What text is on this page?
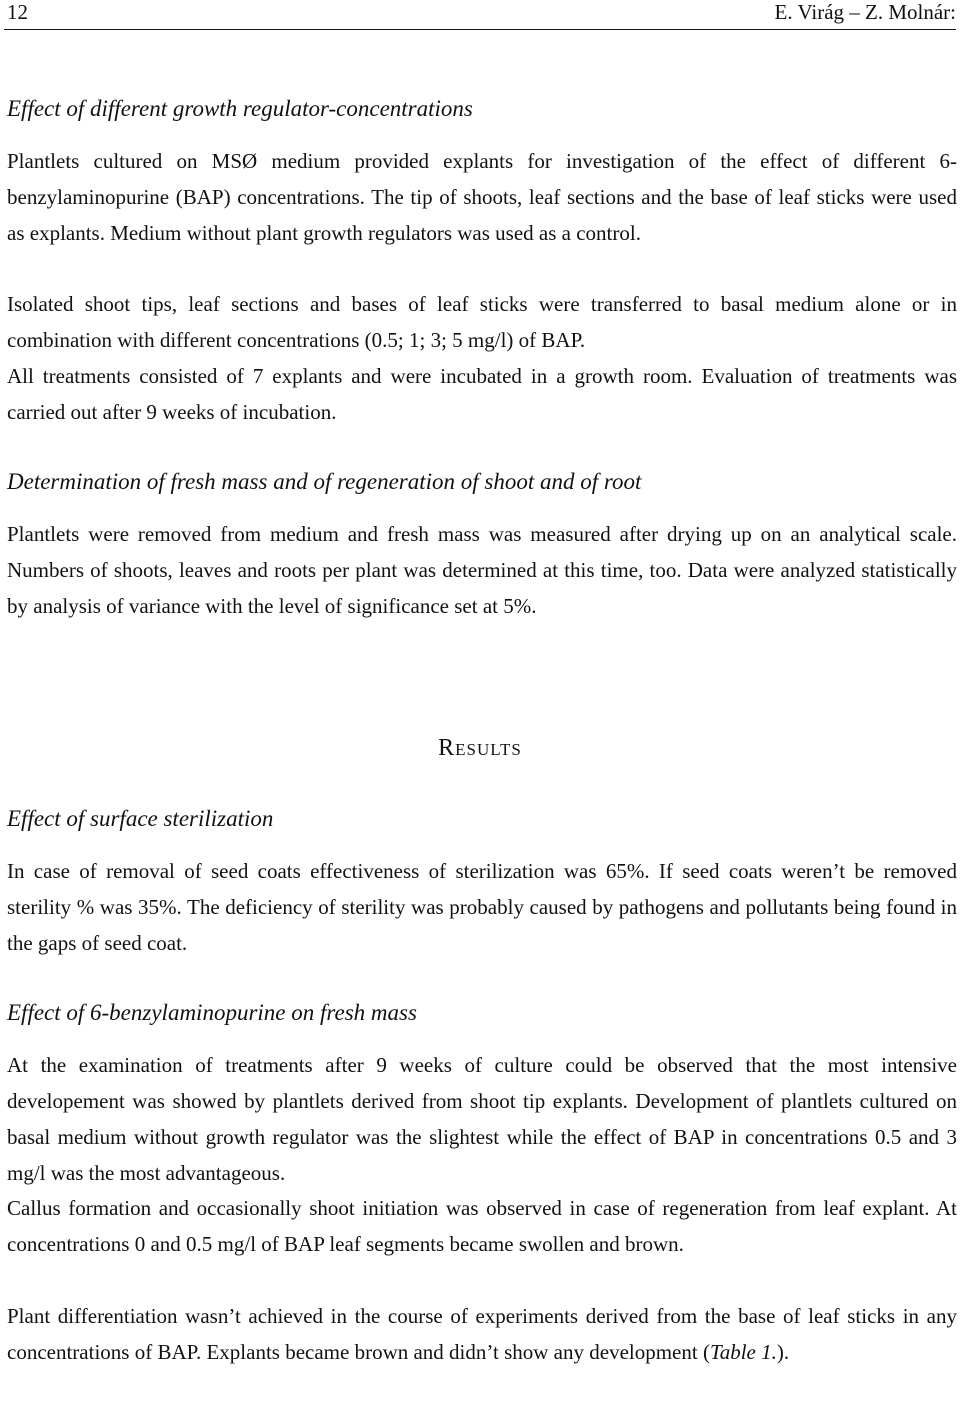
12	E. Virág – Z. Molnár:
Effect of different growth regulator-concentrations

Plantlets cultured on MSØ medium provided explants for investigation of the effect of different 6-benzylaminopurine (BAP) concentrations. The tip of shoots, leaf sections and the base of leaf sticks were used as explants. Medium without plant growth regulators was used as a control.

Isolated shoot tips, leaf sections and bases of leaf sticks were transferred to basal medium alone or in combination with different concentrations (0.5; 1; 3; 5 mg/l) of BAP.

All treatments consisted of 7 explants and were incubated in a growth room. Evaluation of treatments was carried out after 9 weeks of incubation.

Determination of fresh mass and of regeneration of shoot and of root

Plantlets were removed from medium and fresh mass was measured after drying up on an analytical scale. Numbers of shoots, leaves and roots per plant was determined at this time, too. Data were analyzed statistically by analysis of variance with the level of significance set at 5%.

Results
Effect of surface sterilization

In case of removal of seed coats effectiveness of sterilization was 65%. If seed coats weren’t be removed sterility % was 35%. The deficiency of sterility was probably caused by pathogens and pollutants being found in the gaps of seed coat.

Effect of 6-benzylaminopurine on fresh mass

At the examination of treatments after 9 weeks of culture could be observed that the most intensive developement was showed by plantlets derived from shoot tip explants. Development of plantlets cultured on basal medium without growth regulator was the slightest while the effect of BAP in concentrations 0.5 and 3 mg/l was the most advantageous.

Callus formation and occasionally shoot initiation was observed in case of regeneration from leaf explant. At concentrations 0 and 0.5 mg/l of BAP leaf segments became swollen and brown.

Plant differentiation wasn’t achieved in the course of experiments derived from the base of leaf sticks in any concentrations of BAP. Explants became brown and didn’t show any development (Table 1.).
